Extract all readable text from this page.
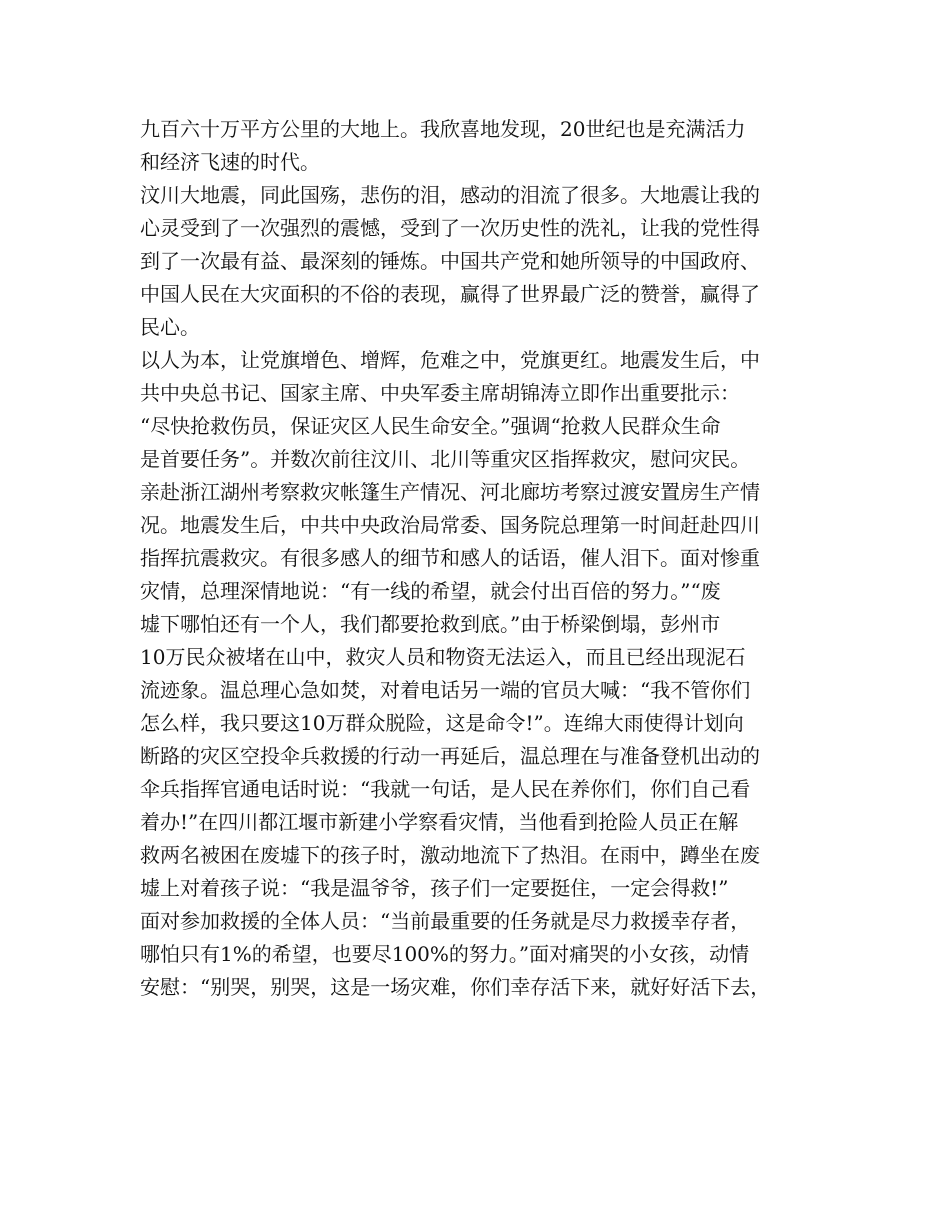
九百六十万平方公里的大地上。我欣喜地发现，20世纪也是充满活力
和经济飞速的时代。
汶川大地震，同此国殇，悲伤的泪，感动的泪流了很多。大地震让我的
心灵受到了一次强烈的震憾，受到了一次历史性的洗礼，让我的党性得
到了一次最有益、最深刻的锤炼。中国共产党和她所领导的中国政府、
中国人民在大灾面积的不俗的表现，赢得了世界最广泛的赞誉，赢得了
民心。
以人为本，让党旗增色、增辉，危难之中，党旗更红。地震发生后，中
共中央总书记、国家主席、中央军委主席胡锦涛立即作出重要批示：
“尽快抢救伤员，保证灾区人民生命安全。”强调“抢救人民群众生命
是首要任务”。并数次前往汶川、北川等重灾区指挥救灾，慰问灾民。
亲赴浙江湖州考察救灾帐篷生产情况、河北廊坊考察过渡安置房生产情
况。地震发生后，中共中央政治局常委、国务院总理第一时间赶赴四川
指挥抗震救灾。有很多感人的细节和感人的话语，催人泪下。面对惨重
灾情，总理深情地说：“有一线的希望，就会付出百倍的努力。”“废
墟下哪怕还有一个人，我们都要抢救到底。”由于桥梁倒塌，彭州市
10万民众被堵在山中，救灾人员和物资无法运入，而且已经出现泥石
流迹象。温总理心急如焚，对着电话另一端的官员大喊：“我不管你们
怎么样，我只要这10万群众脱险，这是命令!”。连绵大雨使得计划向
断路的灾区空投伞兵救援的行动一再延后，温总理在与准备登机出动的
伞兵指挥官通电话时说：“我就一句话，是人民在养你们，你们自己看
着办!”在四川都江堰市新建小学察看灾情，当他看到抢险人员正在解
救两名被困在废墟下的孩子时，激动地流下了热泪。在雨中，蹲坐在废
墟上对着孩子说：“我是温爷爷，孩子们一定要挺住，一定会得救!”
面对参加救援的全体人员：“当前最重要的任务就是尽力救援幸存者，
哪怕只有1%的希望，也要尽100%的努力。”面对痛哭的小女孩，动情
安慰：“别哭，别哭，这是一场灾难，你们幸存活下来，就好好活下去，
